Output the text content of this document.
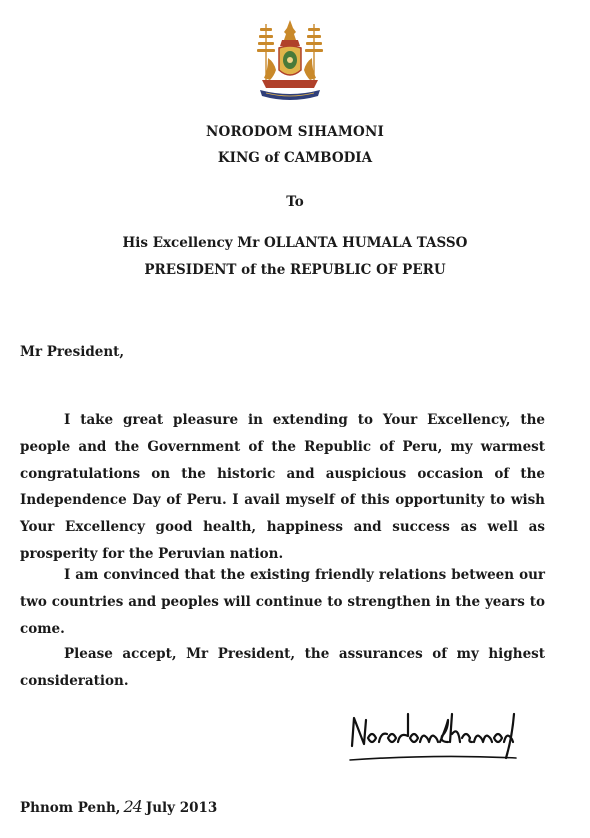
NORODOM SIHAMONI
KING of CAMBODIA
To
His Excellency Mr OLLANTA HUMALA TASSO
PRESIDENT of the REPUBLIC OF PERU
Mr President,

I take great pleasure in extending to Your Excellency, the people and the Government of the Republic of Peru, my warmest congratulations on the historic and auspicious occasion of the Independence Day of Peru. I avail myself of this opportunity to wish Your Excellency good health, happiness and success as well as prosperity for the Peruvian nation.

I am convinced that the existing friendly relations between our two countries and peoples will continue to strengthen in the years to come.

Please accept, Mr President, the assurances of my highest consideration.

Phnom Penh, 24 July 2013
